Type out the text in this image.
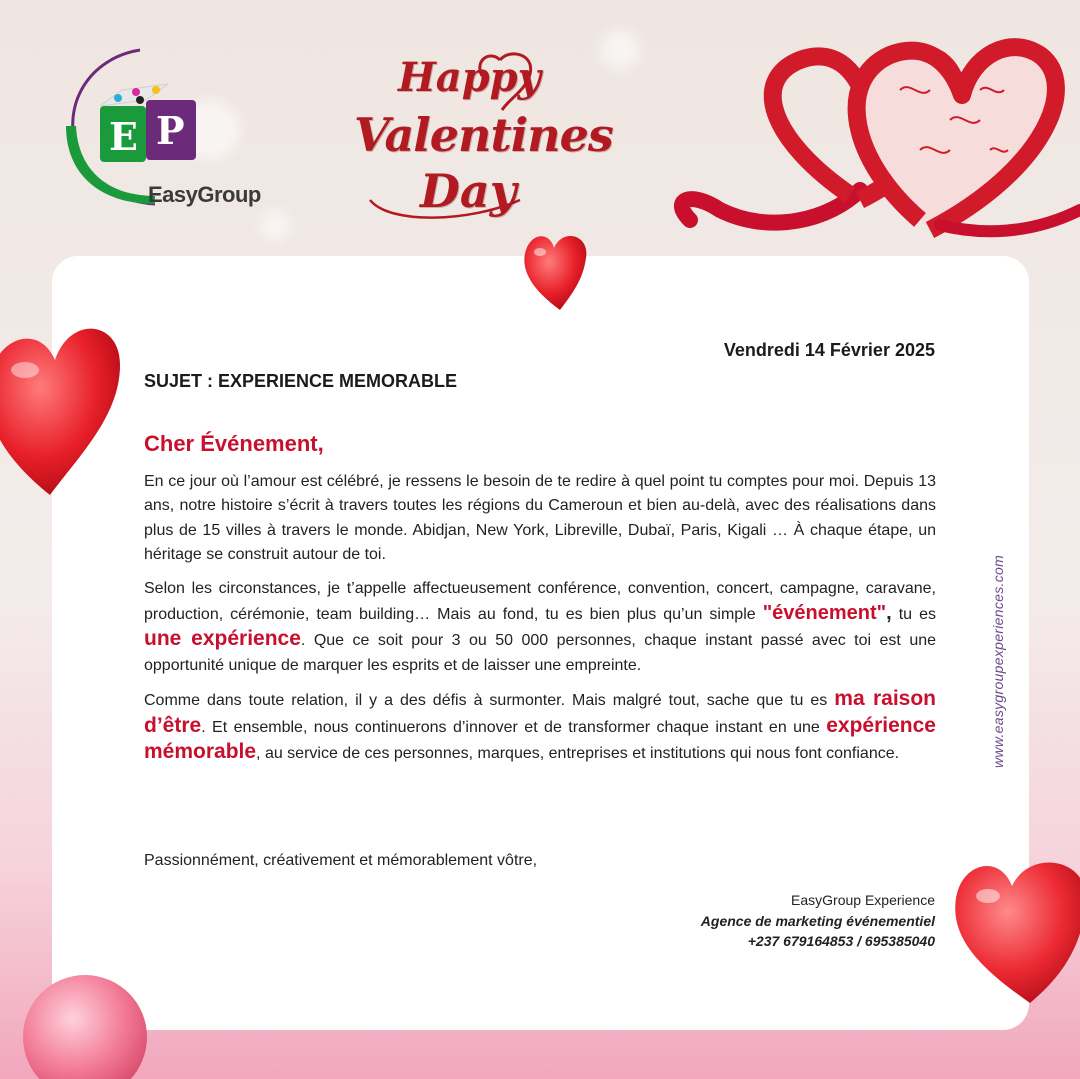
E P
EasyGroup
Happy
Valentines
Day
Vendredi 14 Février 2025
SUJET : EXPERIENCE MEMORABLE
Cher Événement,

En ce jour où l’amour est célébré, je ressens le besoin de te redire à quel point tu comptes pour moi. Depuis 13 ans, notre histoire s’écrit à travers toutes les régions du Cameroun et bien au-delà, avec des réalisations dans plus de 15 villes à travers le monde. Abidjan, New York, Libreville, Dubaï, Paris, Kigali … À chaque étape, un héritage se construit autour de toi.

Selon les circonstances, je t’appelle affectueusement conférence, convention, concert, campagne, caravane, production, cérémonie, team building… Mais au fond, tu es bien plus qu’un simple "événement", tu es une expérience. Que ce soit pour 3 ou 50 000 personnes, chaque instant passé avec toi est une opportunité unique de marquer les esprits et de laisser une empreinte.

Comme dans toute relation, il y a des défis à surmonter. Mais malgré tout, sache que tu es ma raison d’être. Et ensemble, nous continuerons d’innover et de transformer chaque instant en une expérience mémorable, au service de ces personnes, marques, entreprises et institutions qui nous font confiance.

Passionnément, créativement et mémorablement vôtre,
EasyGroup Experience
Agence de marketing événementiel
+237 679164853 / 695385040
www.easygroupexperiences.com
